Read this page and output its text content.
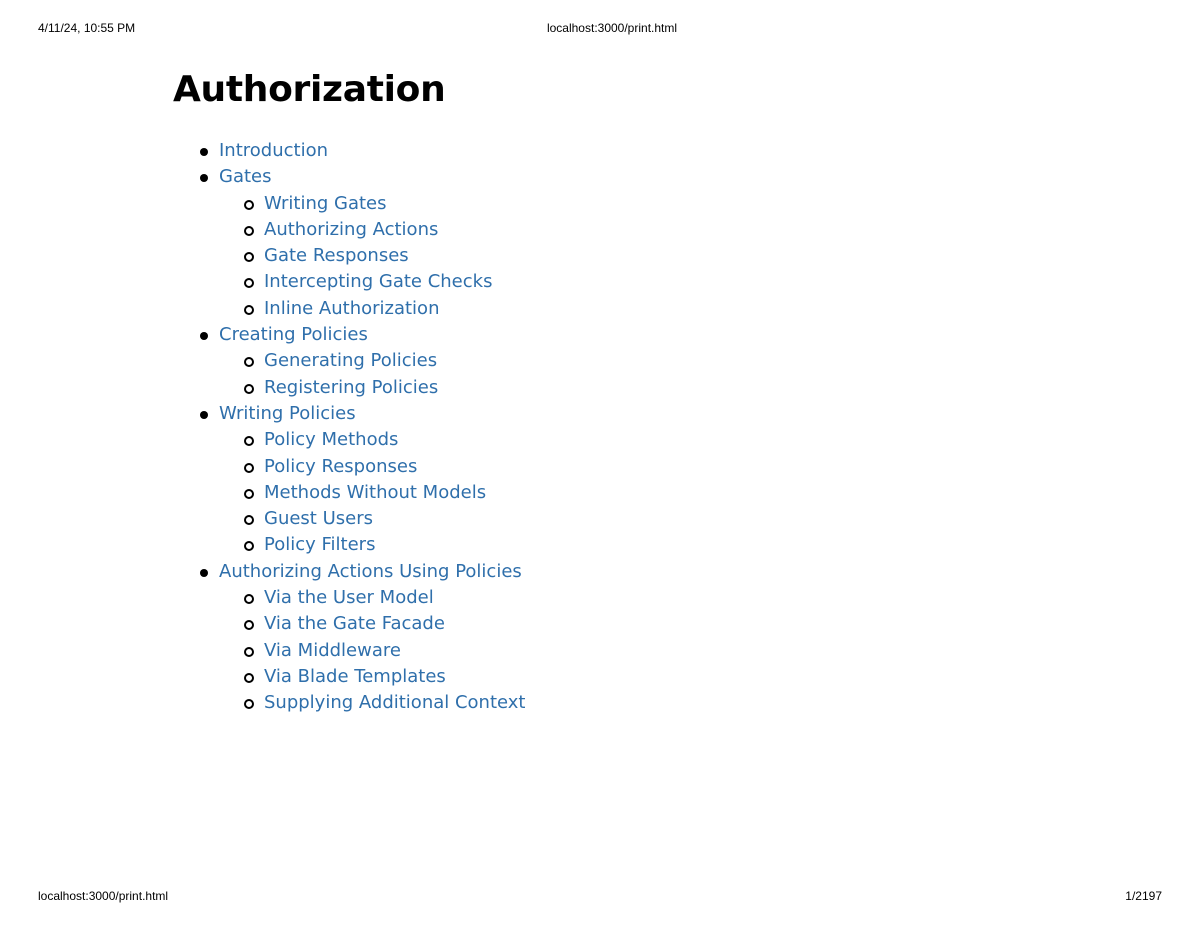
4/11/24, 10:55 PM	localhost:3000/print.html
Authorization
Introduction
Gates
Writing Gates
Authorizing Actions
Gate Responses
Intercepting Gate Checks
Inline Authorization
Creating Policies
Generating Policies
Registering Policies
Writing Policies
Policy Methods
Policy Responses
Methods Without Models
Guest Users
Policy Filters
Authorizing Actions Using Policies
Via the User Model
Via the Gate Facade
Via Middleware
Via Blade Templates
Supplying Additional Context
localhost:3000/print.html	1/2197
